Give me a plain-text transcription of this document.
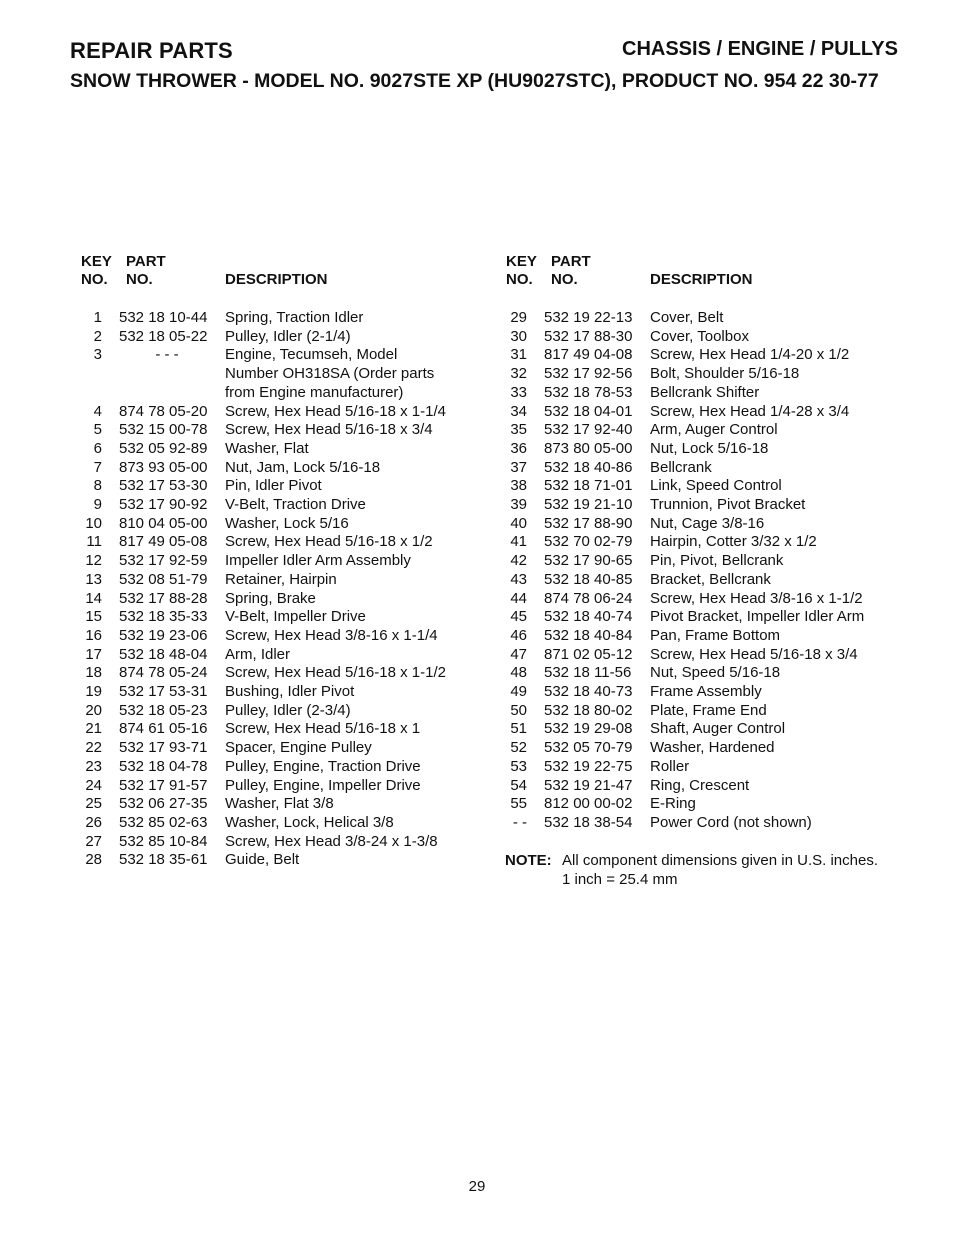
REPAIR PARTS	CHASSIS / ENGINE / PULLYS
SNOW THROWER - MODEL NO. 9027STE XP (HU9027STC), PRODUCT NO. 954 22 30-77
KEY
NO.
PART
NO.	DESCRIPTION
1 532 18 10-44	Spring, Traction Idler
2 532 18 05-22	Pulley, Idler (2-1/4)
3	- - -	Engine, Tecumseh, Model
Number OH318SA (Order parts
from Engine manufacturer)
4 874 78 05-20	Screw, Hex Head 5/16-18 x 1-1/4
5 532 15 00-78	Screw, Hex Head 5/16-18 x 3/4
6 532 05 92-89	Washer, Flat
7 873 93 05-00	Nut, Jam, Lock 5/16-18
8 532 17 53-30	Pin, Idler Pivot
9 532 17 90-92	V-Belt, Traction Drive
10 810 04 05-00	Washer, Lock 5/16
11 817 49 05-08	Screw, Hex Head 5/16-18 x 1/2
12 532 17 92-59	Impeller Idler Arm Assembly
13 532 08 51-79	Retainer, Hairpin
14 532 17 88-28	Spring, Brake
15 532 18 35-33	V-Belt, Impeller Drive
16 532 19 23-06	Screw, Hex Head 3/8-16 x 1-1/4
17 532 18 48-04	Arm, Idler
18 874 78 05-24	Screw, Hex Head 5/16-18 x 1-1/2
19 532 17 53-31	Bushing, Idler Pivot
20 532 18 05-23	Pulley, Idler (2-3/4)
21 874 61 05-16	Screw, Hex Head 5/16-18 x 1
22 532 17 93-71	Spacer, Engine Pulley
23 532 18 04-78	Pulley, Engine, Traction Drive
24 532 17 91-57	Pulley, Engine, Impeller Drive
25 532 06 27-35	Washer, Flat 3/8
26 532 85 02-63	Washer, Lock, Helical 3/8
27 532 85 10-84	Screw, Hex Head 3/8-24 x 1-3/8
28 532 18 35-61	Guide, Belt
KEY
NO.
PART
NO.	DESCRIPTION
29 532 19 22-13	Cover, Belt
30 532 17 88-30	Cover, Toolbox
31 817 49 04-08	Screw, Hex Head 1/4-20 x 1/2
32 532 17 92-56	Bolt, Shoulder 5/16-18
33 532 18 78-53	Bellcrank Shifter
34 532 18 04-01	Screw, Hex Head 1/4-28 x 3/4
35 532 17 92-40	Arm, Auger Control
36 873 80 05-00	Nut, Lock 5/16-18
37 532 18 40-86	Bellcrank
38 532 18 71-01	Link, Speed Control
39 532 19 21-10	Trunnion, Pivot Bracket
40 532 17 88-90	Nut, Cage 3/8-16
41 532 70 02-79	Hairpin, Cotter 3/32 x 1/2
42 532 17 90-65	Pin, Pivot, Bellcrank
43 532 18 40-85	Bracket, Bellcrank
44 874 78 06-24	Screw, Hex Head 3/8-16 x 1-1/2
45 532 18 40-74	Pivot Bracket, Impeller Idler Arm
46 532 18 40-84	Pan, Frame Bottom
47 871 02 05-12	Screw, Hex Head 5/16-18 x 3/4
48 532 18 11-56	Nut, Speed 5/16-18
49 532 18 40-73	Frame Assembly
50 532 18 80-02	Plate, Frame End
51 532 19 29-08	Shaft, Auger Control
52 532 05 70-79	Washer, Hardened
53 532 19 22-75	Roller
54 532 19 21-47	Ring, Crescent
55 812 00 00-02	E-Ring
- - 532 18 38-54	Power Cord (not shown)
NOTE: All component dimensions given in U.S. inches.
1 inch = 25.4 mm
29
